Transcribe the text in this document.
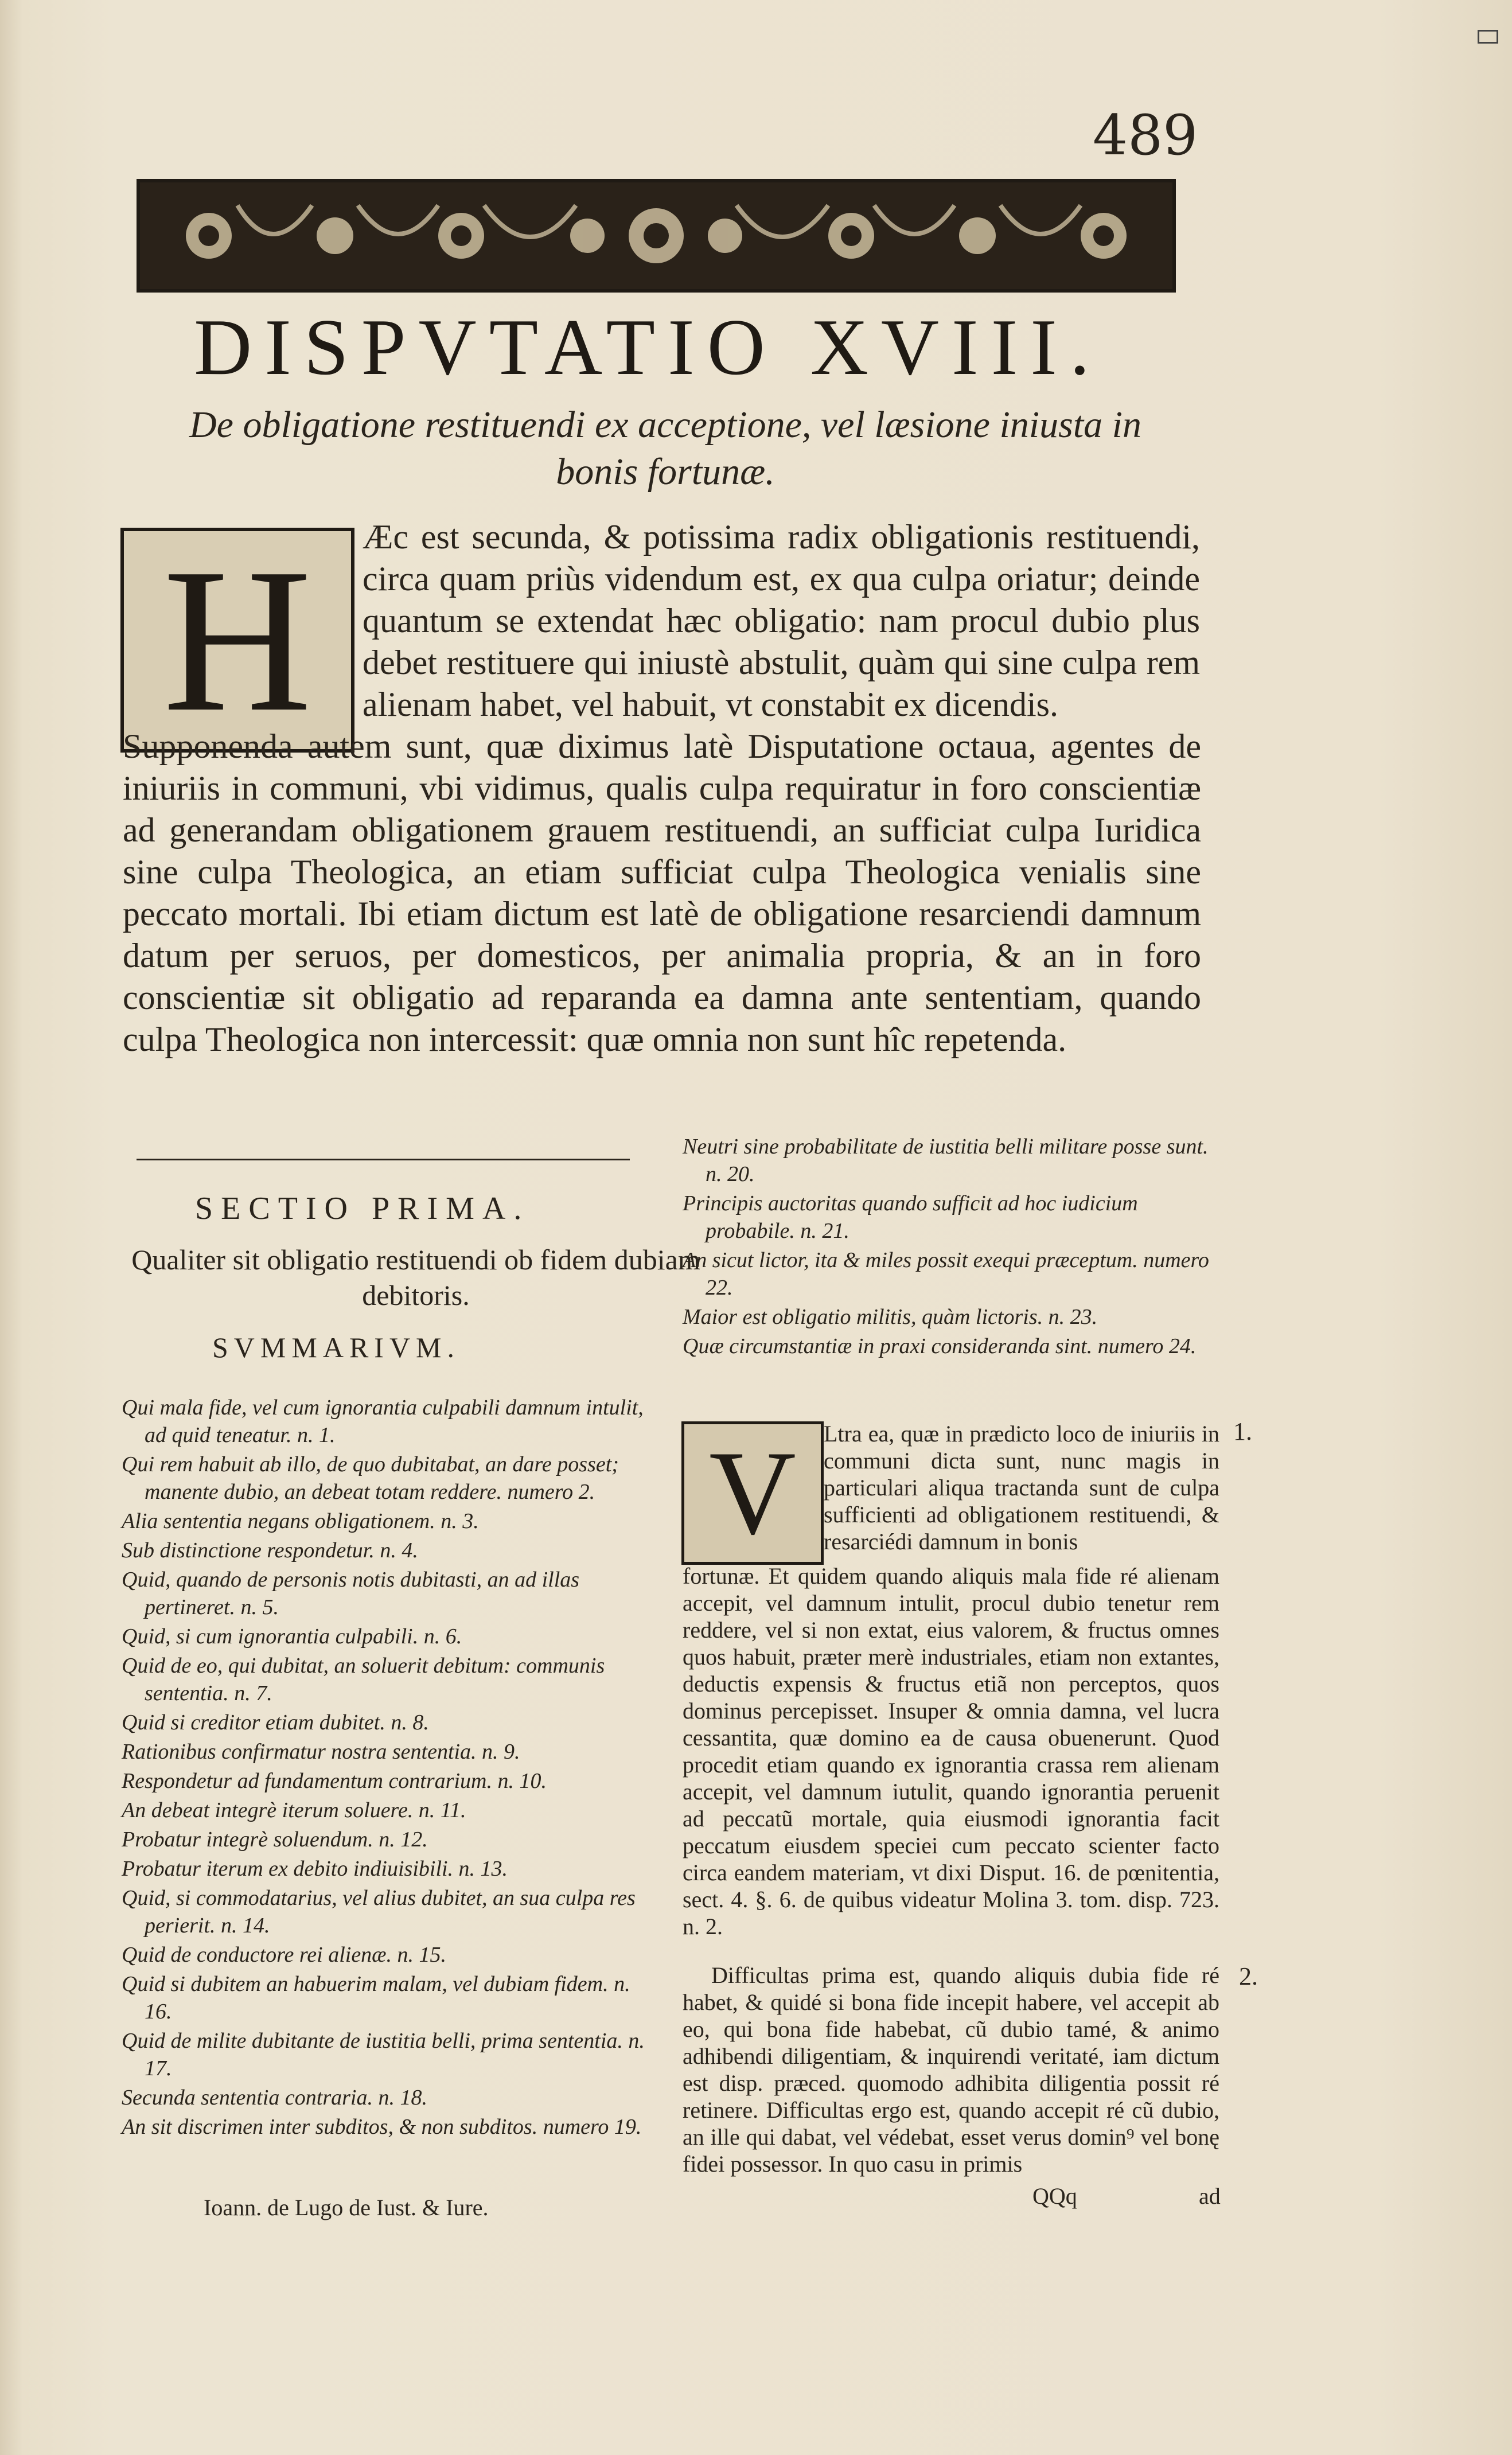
489
DISPVTATIO XVIII.
De obligatione restituendi ex acceptione, vel læsione iniusta in bonis fortunæ.
H Æc est secunda, & potissima radix obligationis restituendi, circa quam priùs videndum est, ex qua culpa oriatur; deinde quantum se extendat hæc obligatio: nam procul dubio plus debet restituere qui iniustè abstulit, quàm qui sine culpa rem alienam habet, vel habuit, vt constabit ex dicendis.
Supponenda autem sunt, quæ diximus latè Disputatione octaua, agentes de iniuriis in communi, vbi vidimus, qualis culpa requiratur in foro conscientiæ ad generandam obligationem grauem restituendi, an sufficiat culpa Iuridica sine culpa Theologica, an etiam sufficiat culpa Theologica venialis sine peccato mortali. Ibi etiam dictum est latè de obligatione resarciendi damnum datum per seruos, per domesticos, per animalia propria, & an in foro conscientiæ sit obligatio ad reparanda ea damna ante sententiam, quando culpa Theologica non intercessit: quæ omnia non sunt hîc repetenda.
SECTIO PRIMA.
Qualiter sit obligatio restituendi ob fidem dubiam debitoris.
SVMMARIVM.
Qui mala fide, vel cum ignorantia culpabili damnum intulit, ad quid teneatur. n. 1.
Qui rem habuit ab illo, de quo dubitabat, an dare posset; manente dubio, an debeat totam reddere. numero 2.
Alia sententia negans obligationem. n. 3.
Sub distinctione respondetur. n. 4.
Quid, quando de personis notis dubitasti, an ad illas pertineret. n. 5.
Quid, si cum ignorantia culpabili. n. 6.
Quid de eo, qui dubitat, an soluerit debitum: communis sententia. n. 7.
Quid si creditor etiam dubitet. n. 8.
Rationibus confirmatur nostra sententia. n. 9.
Respondetur ad fundamentum contrarium. n. 10.
An debeat integrè iterum soluere. n. 11.
Probatur integrè soluendum. n. 12.
Probatur iterum ex debito indiuisibili. n. 13.
Quid, si commodatarius, vel alius dubitet, an sua culpa res perierit. n. 14.
Quid de conductore rei alienæ. n. 15.
Quid si dubitem an habuerim malam, vel dubiam fidem. n. 16.
Quid de milite dubitante de iustitia belli, prima sententia. n. 17.
Secunda sententia contraria. n. 18.
An sit discrimen inter subditos, & non subditos. numero 19.
Ioann. de Lugo de Iust. & Iure.
Neutri sine probabilitate de iustitia belli militare posse sunt. n. 20.
Principis auctoritas quando sufficit ad hoc iudicium probabile. n. 21.
An sicut lictor, ita & miles possit exequi præceptum. numero 22.
Maior est obligatio militis, quàm lictoris. n. 23.
Quæ circumstantiæ in praxi consideranda sint. numero 24.
V Ltra ea, quæ in prædicto loco de iniuriis in communi dicta sunt, nunc magis in particulari aliqua tractanda sunt de culpa sufficienti ad obligationem restituendi, & resarciédi damnum in bonis
fortunæ. Et quidem quando aliquis mala fide ré alienam accepit, vel damnum intulit, procul dubio tenetur rem reddere, vel si non extat, eius valorem, & fructus omnes quos habuit, præter merè industriales, etiam non extantes, deductis expensis & fructus etiã non perceptos, quos dominus percepisset. Insuper & omnia damna, vel lucra cessantita, quæ domino ea de causa obuenerunt. Quod procedit etiam quando ex ignorantia crassa rem alienam accepit, vel damnum iutulit, quando ignorantia peruenit ad peccatũ mortale, quia eiusmodi ignorantia facit peccatum eiusdem speciei cum peccato scienter facto circa eandem materiam, vt dixi Disput. 16. de pœnitentia, sect. 4. §. 6. de quibus videatur Molina 3. tom. disp. 723. n. 2.
Difficultas prima est, quando aliquis dubia fide ré habet, & quidé si bona fide incepit habere, vel accepit ab eo, qui bona fide habebat, cũ dubio tamé, & animo adhibendi diligentiam, & inquirendi veritaté, iam dictum est disp. præced. quomodo adhibita diligentia possit ré retinere. Difficultas ergo est, quando accepit ré cũ dubio, an ille qui dabat, vel védebat, esset verus domin⁹ vel bonę fidei possessor. In quo casu in primis
1.
2.
QQq	ad
